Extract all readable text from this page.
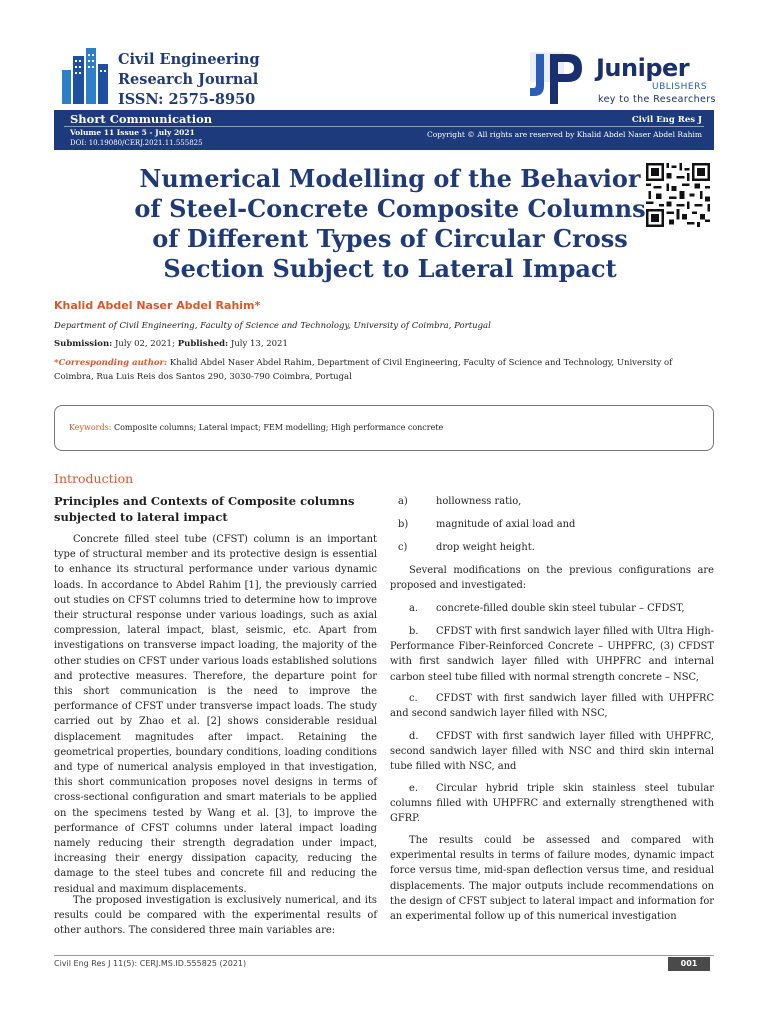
Civil Engineering
Research Journal
ISSN: 2575-8950
Juniper
UBLISHERS
key to the Researchers
Short Communication
Volume 11 Issue 5 - July 2021
DOI: 10.19080/CERJ.2021.11.555825
Civil Eng Res J
Copyright © All rights are reserved by Khalid Abdel Naser Abdel Rahim
Numerical Modelling of the Behavior of Steel-Concrete Composite Columns of Different Types of Circular Cross Section Subject to Lateral Impact
Khalid Abdel Naser Abdel Rahim*
Department of Civil Engineering, Faculty of Science and Technology, University of Coimbra, Portugal
Submission: July 02, 2021; Published: July 13, 2021
*Corresponding author: Khalid Abdel Naser Abdel Rahim, Department of Civil Engineering, Faculty of Science and Technology, University of Coimbra, Rua Luis Reis dos Santos 290, 3030-790 Coimbra, Portugal
Keywords: Composite columns; Lateral impact; FEM modelling; High performance concrete
Introduction
Principles and Contexts of Composite columns subjected to lateral impact
Concrete filled steel tube (CFST) column is an important type of structural member and its protective design is essential to enhance its structural performance under various dynamic loads. In accordance to Abdel Rahim [1], the previously carried out studies on CFST columns tried to determine how to improve their structural response under various loadings, such as axial compression, lateral impact, blast, seismic, etc. Apart from investigations on transverse impact loading, the majority of the other studies on CFST under various loads established solutions and protective measures. Therefore, the departure point for this short communication is the need to improve the performance of CFST under transverse impact loads. The study carried out by Zhao et al. [2] shows considerable residual displacement magnitudes after impact. Retaining the geometrical properties, boundary conditions, loading conditions and type of numerical analysis employed in that investigation, this short communication proposes novel designs in terms of cross-sectional configuration and smart materials to be applied on the specimens tested by Wang et al. [3], to improve the performance of CFST columns under lateral impact loading namely reducing their strength degradation under impact, increasing their energy dissipation capacity, reducing the damage to the steel tubes and concrete fill and reducing the residual and maximum displacements.
The proposed investigation is exclusively numerical, and its results could be compared with the experimental results of other authors. The considered three main variables are:
a)	hollowness ratio,
b)	magnitude of axial load and
c)	drop weight height.
Several modifications on the previous configurations are proposed and investigated:
a. concrete-filled double skin steel tubular – CFDST,
b. CFDST with first sandwich layer filled with Ultra High-Performance Fiber-Reinforced Concrete – UHPFRC, (3) CFDST with first sandwich layer filled with UHPFRC and internal carbon steel tube filled with normal strength concrete – NSC,
c. CFDST with first sandwich layer filled with UHPFRC and second sandwich layer filled with NSC,
d. CFDST with first sandwich layer filled with UHPFRC, second sandwich layer filled with NSC and third skin internal tube filled with NSC, and
e. Circular hybrid triple skin stainless steel tubular columns filled with UHPFRC and externally strengthened with GFRP.
The results could be assessed and compared with experimental results in terms of failure modes, dynamic impact force versus time, mid-span deflection versus time, and residual displacements. The major outputs include recommendations on the design of CFST subject to lateral impact and information for an experimental follow up of this numerical investigation
Civil Eng Res J 11(5): CERJ.MS.ID.555825 (2021)	001
